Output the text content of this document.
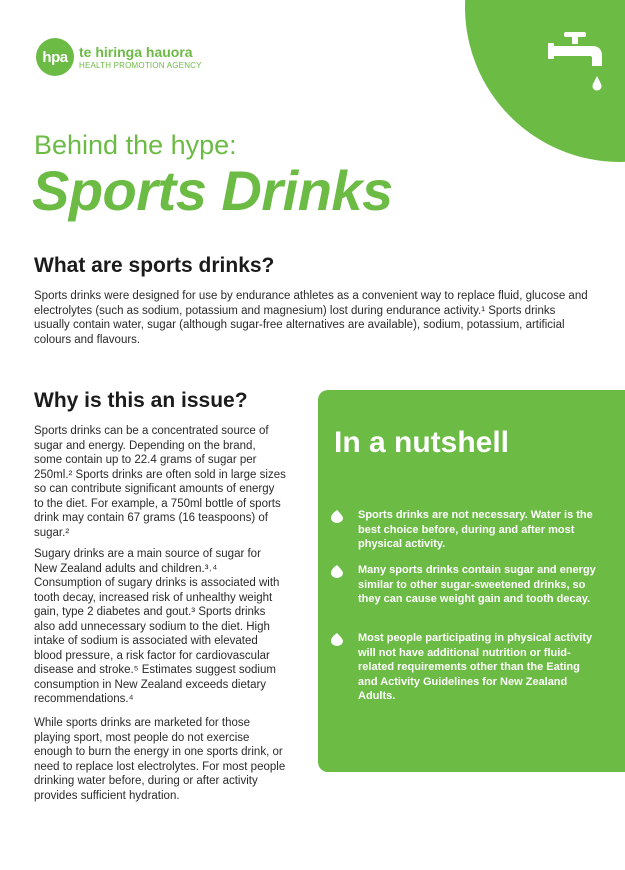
hpa te hiringa hauora
HEALTH PROMOTION AGENCY
Behind the hype:
Sports Drinks
What are sports drinks?

Sports drinks were designed for use by endurance athletes as a convenient way to replace fluid, glucose and electrolytes (such as sodium, potassium and magnesium) lost during endurance activity.¹ Sports drinks usually contain water, sugar (although sugar-free alternatives are available), sodium, potassium, artificial colours and flavours.

Why is this an issue?

Sports drinks can be a concentrated source of sugar and energy. Depending on the brand, some contain up to 22.4 grams of sugar per 250ml.² Sports drinks are often sold in large sizes so can contribute significant amounts of energy to the diet. For example, a 750ml bottle of sports drink may contain 67 grams (16 teaspoons) of sugar.²

Sugary drinks are a main source of sugar for New Zealand adults and children.³˒⁴ Consumption of sugary drinks is associated with tooth decay, increased risk of unhealthy weight gain, type 2 diabetes and gout.³ Sports drinks also add unnecessary sodium to the diet. High intake of sodium is associated with elevated blood pressure, a risk factor for cardiovascular disease and stroke.⁵ Estimates suggest sodium consumption in New Zealand exceeds dietary recommendations.⁴

While sports drinks are marketed for those playing sport, most people do not exercise enough to burn the energy in one sports drink, or need to replace lost electrolytes. For most people drinking water before, during or after activity provides sufficient hydration.

In a nutshell
Sports drinks are not necessary. Water is the best choice before, during and after most physical activity.
Many sports drinks contain sugar and energy similar to other sugar-sweetened drinks, so they can cause weight gain and tooth decay.
Most people participating in physical activity will not have additional nutrition or fluid-related requirements other than the Eating and Activity Guidelines for New Zealand Adults.
